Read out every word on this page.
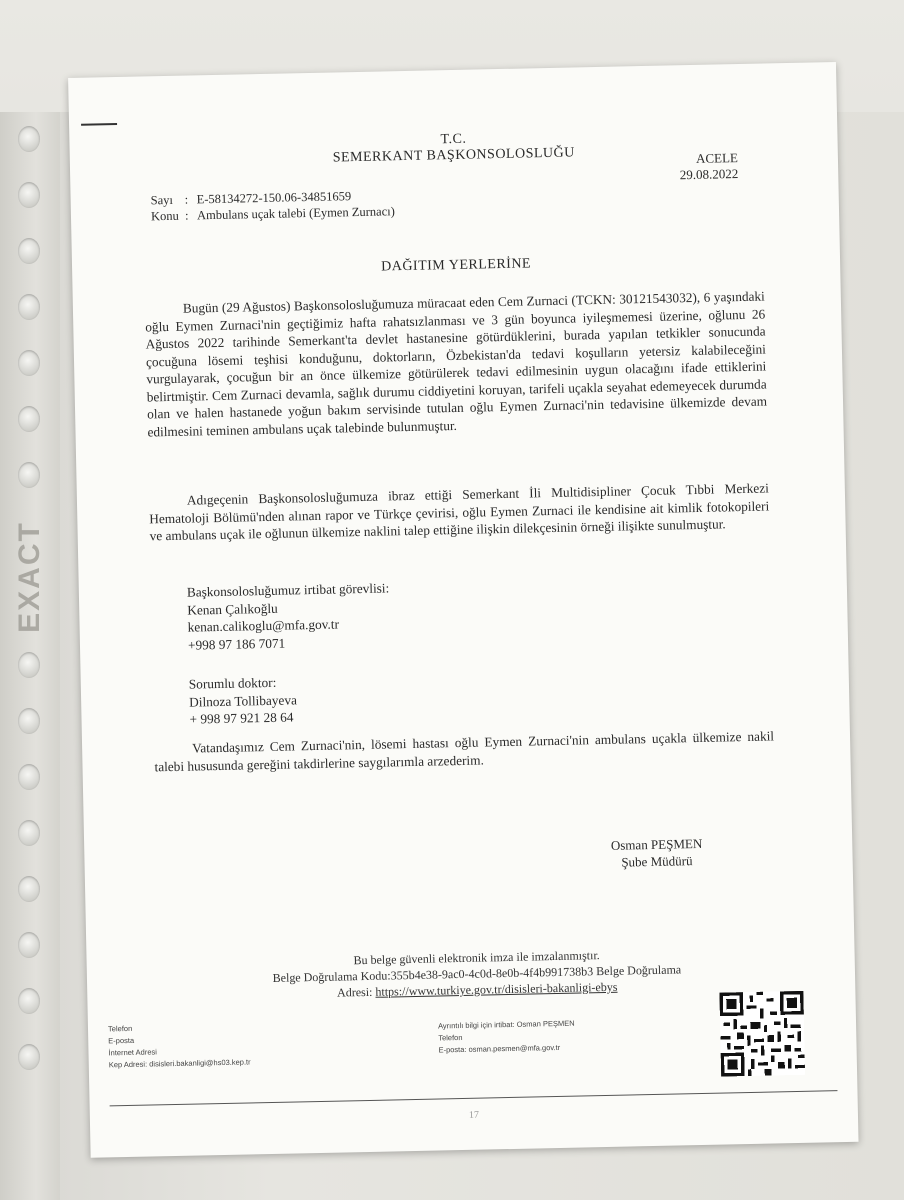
EXACT
T.C.
SEMERKANT BAŞKONSOLOSLUĞU	ACELE
29.08.2022
Sayı : E-58134272-150.06-34851659
Konu : Ambulans uçak talebi (Eymen Zurnacı)
DAĞITIM YERLERİNE
Bugün (29 Ağustos) Başkonsolosluğumuza müracaat eden Cem Zurnaci (TCKN: 30121543032), 6 yaşındaki oğlu Eymen Zurnaci'nin geçtiğimiz hafta rahatsızlanması ve 3 gün boyunca iyileşmemesi üzerine, oğlunu 26 Ağustos 2022 tarihinde Semerkant'ta devlet hastanesine götürdüklerini, burada yapılan tetkikler sonucunda çocuğuna lösemi teşhisi konduğunu, doktorların, Özbekistan'da tedavi koşulların yetersiz kalabileceğini vurgulayarak, çocuğun bir an önce ülkemize götürülerek tedavi edilmesinin uygun olacağını ifade ettiklerini belirtmiştir. Cem Zurnaci devamla, sağlık durumu ciddiyetini koruyan, tarifeli uçakla seyahat edemeyecek durumda olan ve halen hastanede yoğun bakım servisinde tutulan oğlu Eymen Zurnaci'nin tedavisine ülkemizde devam edilmesini teminen ambulans uçak talebinde bulunmuştur.
Adıgeçenin Başkonsolosluğumuza ibraz ettiği Semerkant İli Multidisipliner Çocuk Tıbbi Merkezi Hematoloji Bölümü'nden alınan rapor ve Türkçe çevirisi, oğlu Eymen Zurnaci ile kendisine ait kimlik fotokopileri ve ambulans uçak ile oğlunun ülkemize naklini talep ettiğine ilişkin dilekçesinin örneği ilişikte sunulmuştur.
Başkonsolosluğumuz irtibat görevlisi:
Kenan Çalıkoğlu
kenan.calikoglu@mfa.gov.tr
+998 97 186 7071
Sorumlu doktor:
Dilnoza Tollibayeva
+ 998 97 921 28 64
Vatandaşımız Cem Zurnaci'nin, lösemi hastası oğlu Eymen Zurnaci'nin ambulans uçakla ülkemize nakil talebi hususunda gereğini takdirlerine saygılarımla arzederim.
Osman PEŞMEN
Şube Müdürü
Bu belge güvenli elektronik imza ile imzalanmıştır.
Belge Doğrulama Kodu:355b4e38-9ac0-4c0d-8e0b-4f4b991738b3 Belge Doğrulama
Adresi: https://www.turkiye.gov.tr/disisleri-bakanligi-ebys
Telefon
E-posta
İnternet Adresi
Kep Adresi: disisleri.bakanligi@hs03.kep.tr
Ayrıntılı bilgi için irtibat: Osman PEŞMEN
Telefon
E-posta: osman.pesmen@mfa.gov.tr
17
